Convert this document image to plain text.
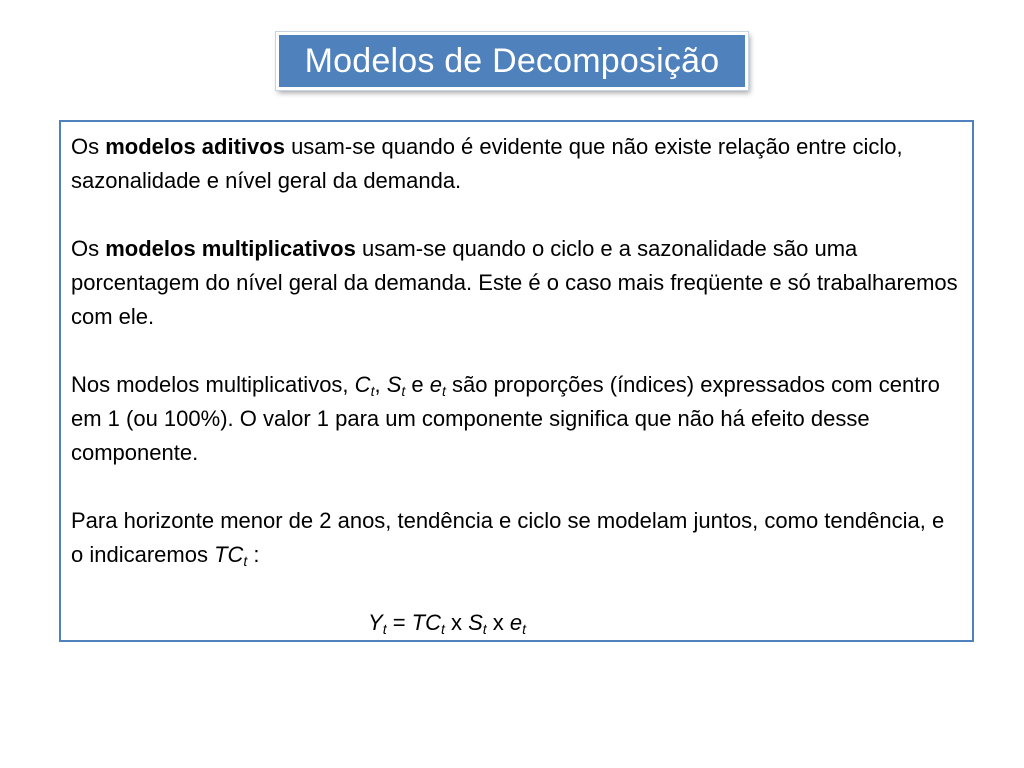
Modelos de Decomposição

Os modelos aditivos usam-se quando é evidente que não existe relação entre ciclo, sazonalidade e nível geral da demanda.

Os modelos multiplicativos usam-se quando o ciclo e a sazonalidade são uma porcentagem do nível geral da demanda. Este é o caso mais freqüente e só trabalharemos com ele.

Nos modelos multiplicativos, $C_t$, $S_t$ e $e_t$ são proporções (índices) expressados com centro em 1 (ou 100%). O valor 1 para um componente significa que não há efeito desse componente.

Para horizonte menor de 2 anos, tendência e ciclo se modelam juntos, como tendência, e o indicaremos $TC_t$ :

$Y_t = TC_t$ x $S_t$ x $e_t$
